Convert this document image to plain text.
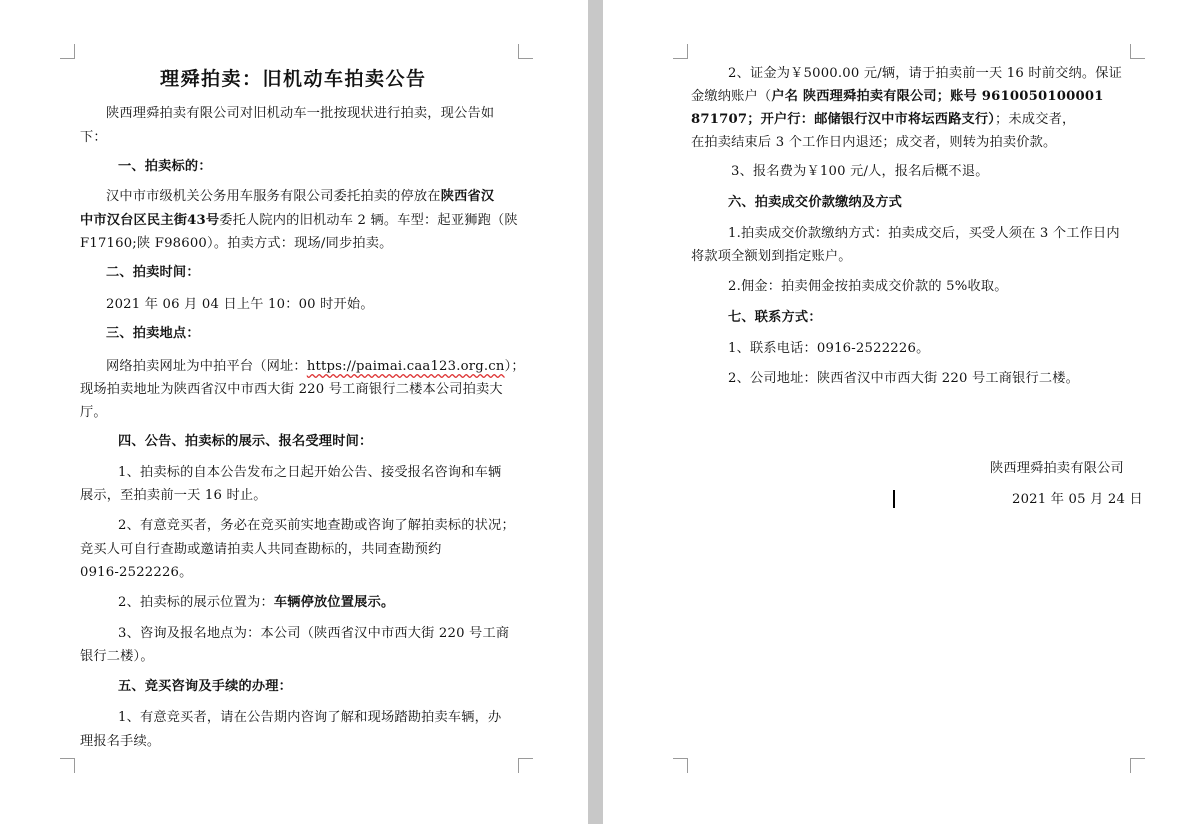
理舜拍卖：旧机动车拍卖公告
陕西理舜拍卖有限公司对旧机动车一批按现状进行拍卖，现公告如
下：
一、拍卖标的：
汉中市市级机关公务用车服务有限公司委托拍卖的停放在陕西省汉
中市汉台区民主街43号委托人院内的旧机动车 2 辆。车型：起亚狮跑（陕
F17160;陕 F98600）。拍卖方式：现场/同步拍卖。
二、拍卖时间：
2021 年 06 月 04 日上午 10：00 时开始。
三、拍卖地点：
网络拍卖网址为中拍平台（网址：https://paimai.caa123.org.cn）；
现场拍卖地址为陕西省汉中市西大街 220 号工商银行二楼本公司拍卖大
厅。
四、公告、拍卖标的展示、报名受理时间：
1、拍卖标的自本公告发布之日起开始公告、接受报名咨询和车辆
展示，至拍卖前一天 16 时止。
2、有意竞买者，务必在竞买前实地查勘或咨询了解拍卖标的状况；
竞买人可自行查勘或邀请拍卖人共同查勘标的，共同查勘预约
0916-2522226。
2、拍卖标的展示位置为：车辆停放位置展示。
3、咨询及报名地点为：本公司（陕西省汉中市西大街 220 号工商
银行二楼）。
五、竞买咨询及手续的办理：
1、有意竞买者，请在公告期内咨询了解和现场踏勘拍卖车辆，办
理报名手续。
2、证金为￥5000.00 元/辆，请于拍卖前一天 16 时前交纳。保证
金缴纳账户（户名 陕西理舜拍卖有限公司；账号 9610050100001
871707；开户行：邮储银行汉中市将坛西路支行）；未成交者，
在拍卖结束后 3 个工作日内退还；成交者，则转为拍卖价款。
3、报名费为￥100 元/人，报名后概不退。
六、拍卖成交价款缴纳及方式
1.拍卖成交价款缴纳方式：拍卖成交后，买受人须在 3 个工作日内
将款项全额划到指定账户。
2.佣金：拍卖佣金按拍卖成交价款的 5%收取。
七、联系方式：
1、联系电话：0916-2522226。
2、公司地址：陕西省汉中市西大街 220 号工商银行二楼。
陕西理舜拍卖有限公司
2021 年 05 月 24 日
